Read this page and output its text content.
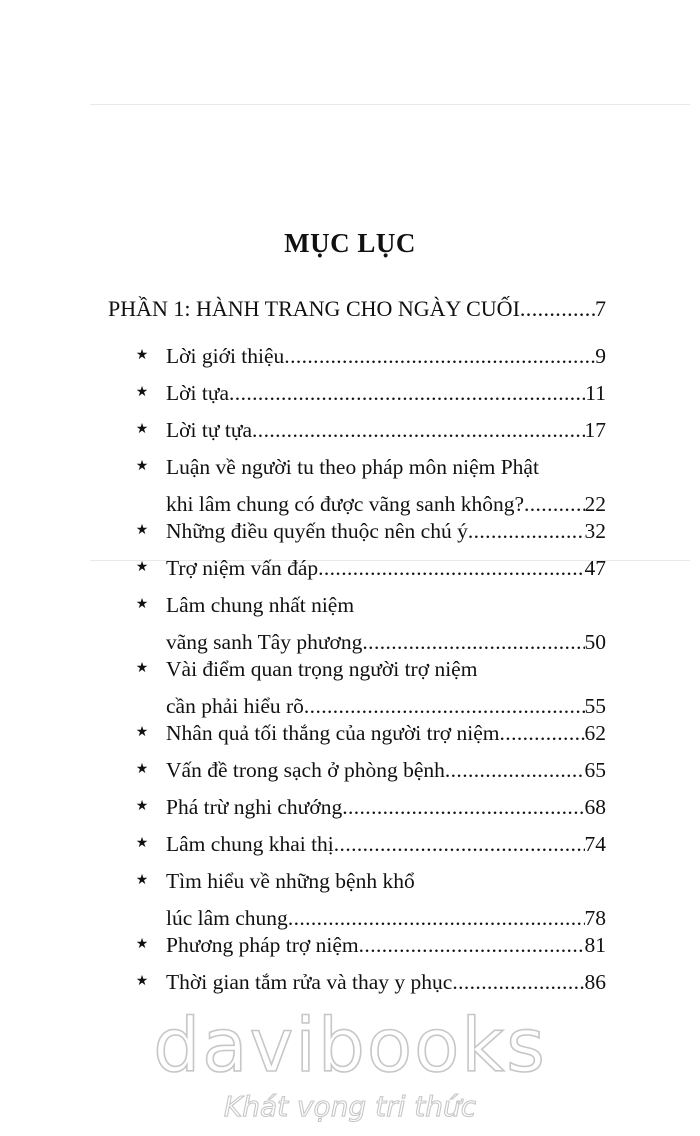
MỤC LỤC
PHẦN 1: HÀNH TRANG CHO NGÀY CUỐI .....	7
★ Lời giới thiệu .....	9
★ Lời tựa .....	11
★ Lời tự tựa .....	17
★ Luận về người tu theo pháp môn niệm Phật
khi lâm chung có được vãng sanh không? .....	22
★ Những điều quyến thuộc nên chú ý .....	32
★ Trợ niệm vấn đáp .....	47
★ Lâm chung nhất niệm
vãng sanh Tây phương .....	50
★ Vài điểm quan trọng người trợ niệm
cần phải hiểu rõ .....	55
★ Nhân quả tối thắng của người trợ niệm .....	62
★ Vấn đề trong sạch ở phòng bệnh .....	65
★ Phá trừ nghi chướng .....	68
★ Lâm chung khai thị .....	74
★ Tìm hiểu về những bệnh khổ
lúc lâm chung .....	78
★ Phương pháp trợ niệm .....	81
★ Thời gian tắm rửa và thay y phục .....	86
davibooks
Khát vọng tri thức
